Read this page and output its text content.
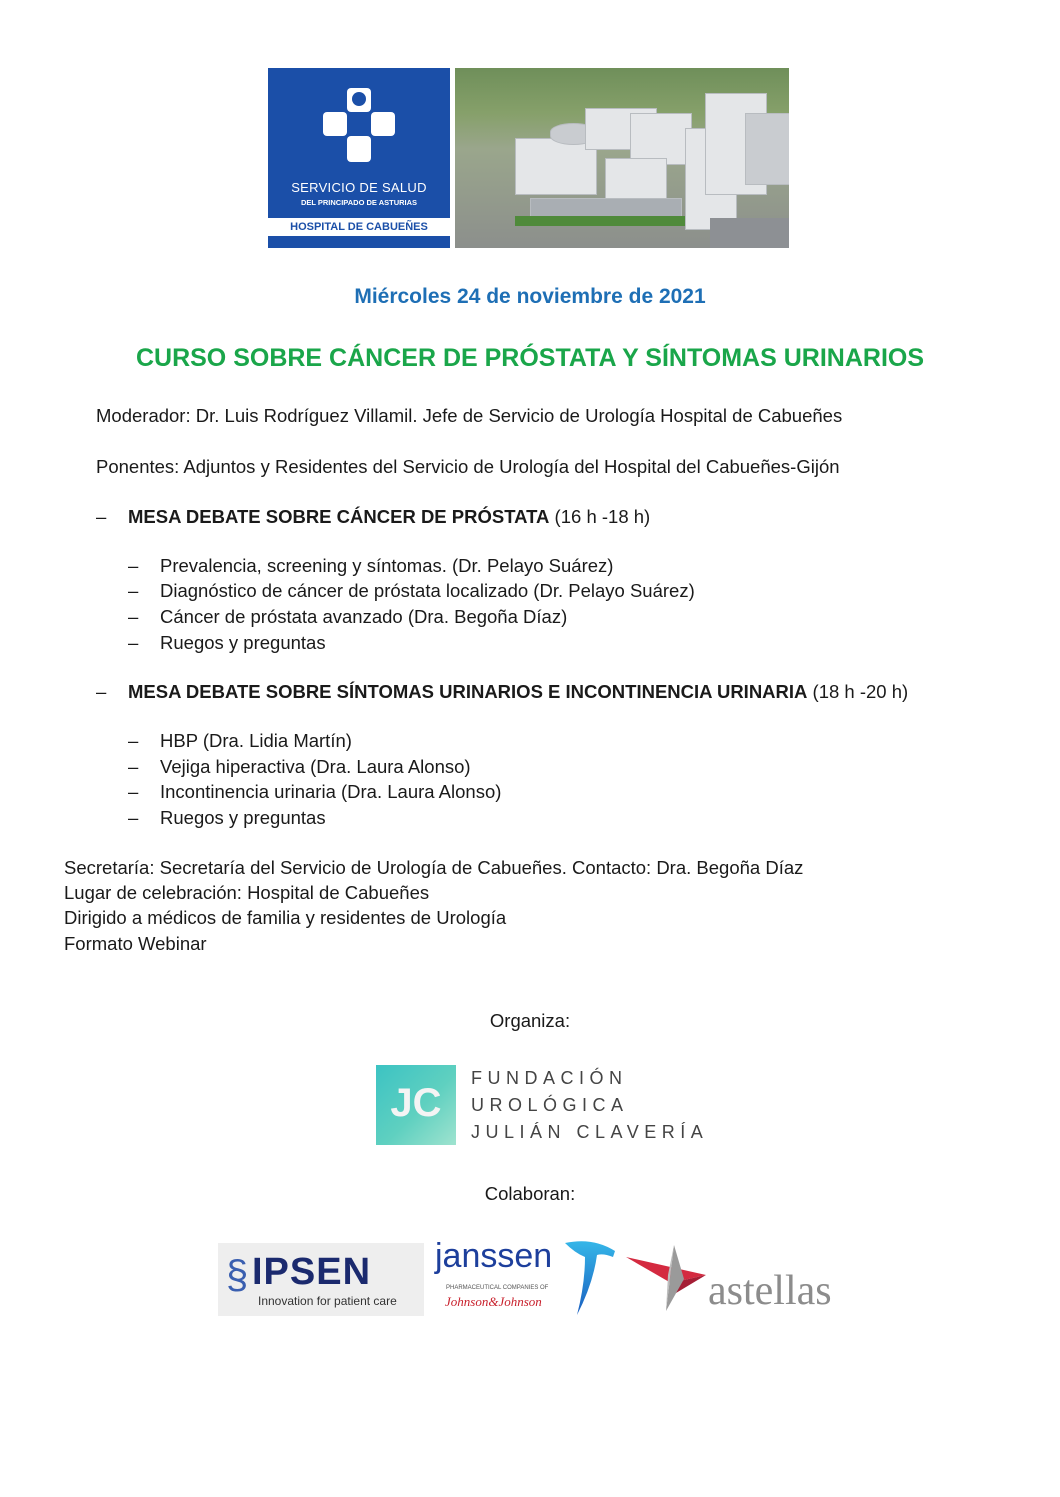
SERVICIO DE SALUD
DEL PRINCIPADO DE ASTURIAS
HOSPITAL DE CABUEÑES
Miércoles 24 de noviembre de 2021
CURSO SOBRE CÁNCER DE PRÓSTATA Y SÍNTOMAS URINARIOS
Moderador: Dr. Luis Rodríguez Villamil. Jefe de Servicio de Urología Hospital de Cabueñes
Ponentes: Adjuntos y Residentes del Servicio de Urología del Hospital del Cabueñes-Gijón
– MESA DEBATE SOBRE CÁNCER DE PRÓSTATA (16 h -18 h)
– Prevalencia, screening y síntomas. (Dr. Pelayo Suárez)
– Diagnóstico de cáncer de próstata localizado (Dr. Pelayo Suárez)
– Cáncer de próstata avanzado (Dra. Begoña Díaz)
– Ruegos y preguntas
– MESA DEBATE SOBRE SÍNTOMAS URINARIOS E INCONTINENCIA URINARIA (18 h -20 h)
– HBP (Dra. Lidia Martín)
– Vejiga hiperactiva (Dra. Laura Alonso)
– Incontinencia urinaria (Dra. Laura Alonso)
– Ruegos y preguntas
Secretaría: Secretaría del Servicio de Urología de Cabueñes. Contacto: Dra. Begoña Díaz
Lugar de celebración: Hospital de Cabueñes
Dirigido a médicos de familia y residentes de Urología
Formato Webinar
Organiza:
JC
FUNDACIÓN
UROLÓGICA
JULIÁN CLAVERÍA
Colaboran:
§ IPSEN
Innovation for patient care
janssen
PHARMACEUTICAL COMPANIES OF
Johnson&Johnson	astellas
